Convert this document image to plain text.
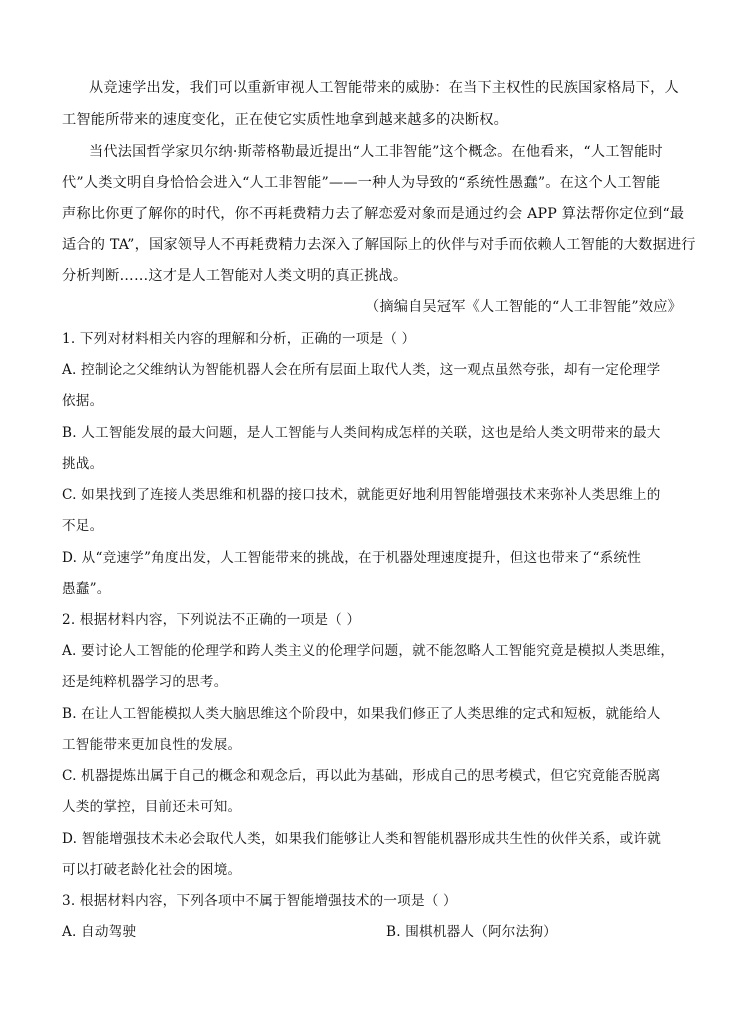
从竞速学出发，我们可以重新审视人工智能带来的威胁：在当下主权性的民族国家格局下，人
工智能所带来的速度变化，正在使它实质性地拿到越来越多的决断权。
当代法国哲学家贝尔纳·斯蒂格勒最近提出“人工非智能”这个概念。在他看来，“人工智能时
代”人类文明自身恰恰会进入“人工非智能”——一种人为导致的“系统性愚蠢”。在这个人工智能
声称比你更了解你的时代，你不再耗费精力去了解恋爱对象而是通过约会 APP 算法帮你定位到“最
适合的 TA”，国家领导人不再耗费精力去深入了解国际上的伙伴与对手而依赖人工智能的大数据进行
分析判断……这才是人工智能对人类文明的真正挑战。
（摘编自吴冠军《人工智能的“人工非智能”效应》
1. 下列对材料相关内容的理解和分析，正确的一项是（ ）
A. 控制论之父维纳认为智能机器人会在所有层面上取代人类，这一观点虽然夸张，却有一定伦理学
依据。
B. 人工智能发展的最大问题，是人工智能与人类间构成怎样的关联，这也是给人类文明带来的最大
挑战。
C. 如果找到了连接人类思维和机器的接口技术，就能更好地利用智能增强技术来弥补人类思维上的
不足。
D. 从“竞速学”角度出发，人工智能带来的挑战，在于机器处理速度提升，但这也带来了“系统性
愚蠢”。
2. 根据材料内容，下列说法不正确的一项是（ ）
A. 要讨论人工智能的伦理学和跨人类主义的伦理学问题，就不能忽略人工智能究竟是模拟人类思维，
还是纯粹机器学习的思考。
B. 在让人工智能模拟人类大脑思维这个阶段中，如果我们修正了人类思维的定式和短板，就能给人
工智能带来更加良性的发展。
C. 机器提炼出属于自己的概念和观念后，再以此为基础，形成自己的思考模式，但它究竟能否脱离
人类的掌控，目前还未可知。
D. 智能增强技术未必会取代人类，如果我们能够让人类和智能机器形成共生性的伙伴关系，或许就
可以打破老龄化社会的困境。
3. 根据材料内容，下列各项中不属于智能增强技术的一项是（ ）
A. 自动驾驶	B. 围棋机器人（阿尔法狗）
